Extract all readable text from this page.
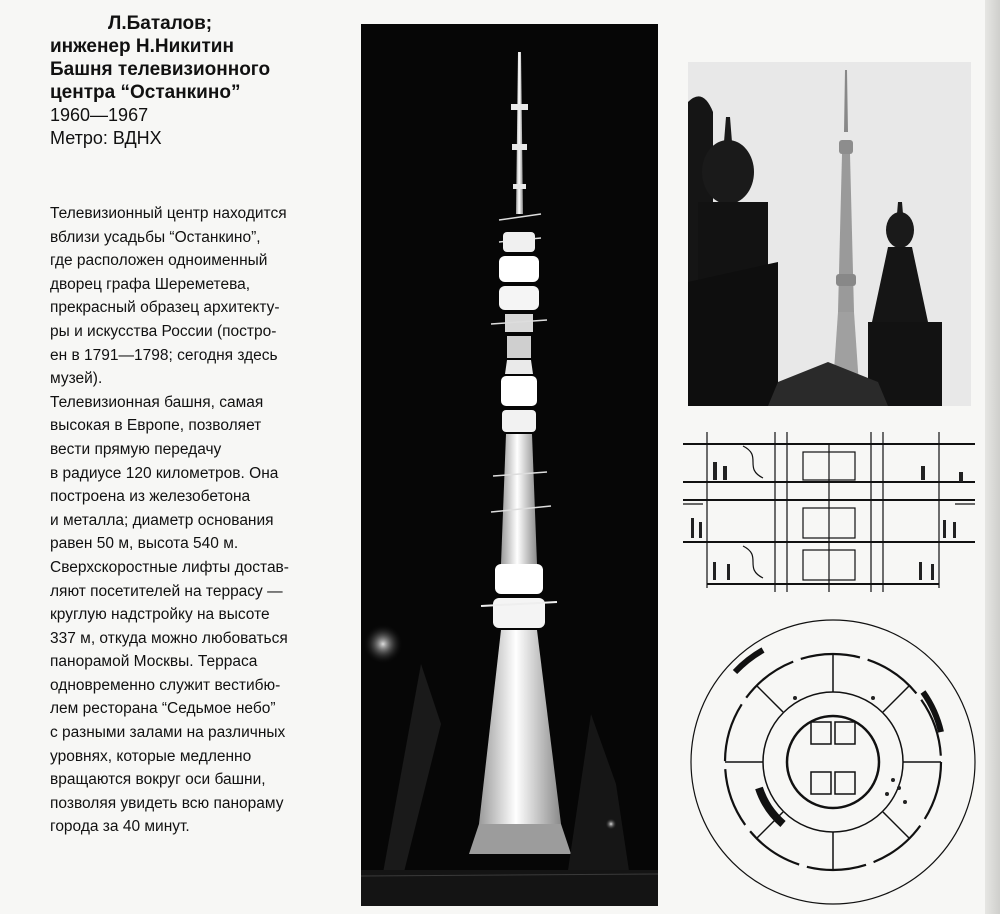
Л.Баталов;
инженер Н.Никитин
Башня телевизионного
центра “Останкино”
1960—1967
Метро: ВДНХ
Телевизионный центр находится
вблизи усадьбы “Останкино”,
где расположен одноименный
дворец графа Шереметева,
прекрасный образец архитекту-
ры и искусства России (постро-
ен в 1791—1798; сегодня здесь
музей).
Телевизионная башня, самая
высокая в Европе, позволяет
вести прямую передачу
в радиусе 120 километров. Она
построена из железобетона
и металла; диаметр основания
равен 50 м, высота 540 м.
Сверхскоростные лифты достав-
ляют посетителей на террасу —
круглую надстройку на высоте
337 м, откуда можно любоваться
панорамой Москвы. Терраса
одновременно служит вестибю-
лем ресторана “Седьмое небо”
с разными залами на различных
уровнях, которые медленно
вращаются вокруг оси башни,
позволяя увидеть всю панораму
города за 40 минут.
